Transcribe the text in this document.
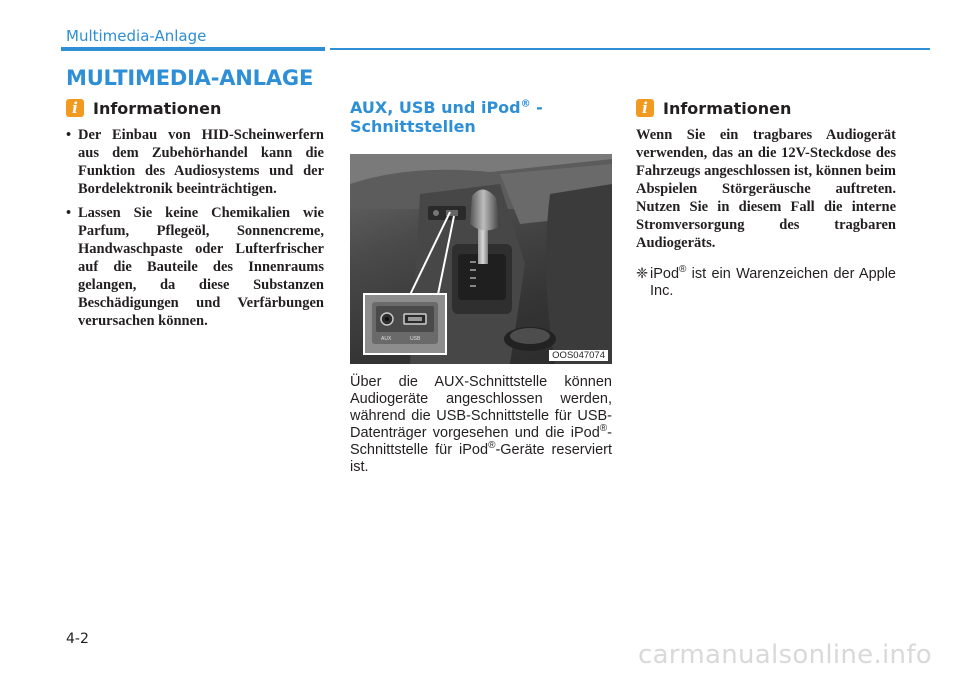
Multimedia-Anlage
MULTIMEDIA-ANLAGE
i Informationen
• Der Einbau von HID-Scheinwerfern aus dem Zubehörhandel kann die Funktion des Audiosystems und der Bordelektronik beeinträchtigen.
• Lassen Sie keine Chemikalien wie Parfum, Pflegeöl, Sonnencreme, Handwaschpaste oder Lufterfrischer auf die Bauteile des Innenraums gelangen, da diese Substanzen Beschädigungen und Verfärbungen verursachen können.
AUX, USB und iPod® -
Schnittstellen
AUX	USB
OOS047074
Über die AUX-Schnittstelle können Audiogeräte angeschlossen werden, während die USB-Schnittstelle für USB-Datenträger vorgesehen und die iPod®-Schnittstelle für iPod®-Geräte reserviert ist.
i Informationen
Wenn Sie ein tragbares Audiogerät verwenden, das an die 12V-Steckdose des Fahrzeugs angeschlossen ist, können beim Abspielen Störgeräusche auftreten. Nutzen Sie in diesem Fall die interne Stromversorgung des tragbaren Audiogeräts.
❈ iPod® ist ein Warenzeichen der Apple Inc.
4-2
carmanualsonline.info
